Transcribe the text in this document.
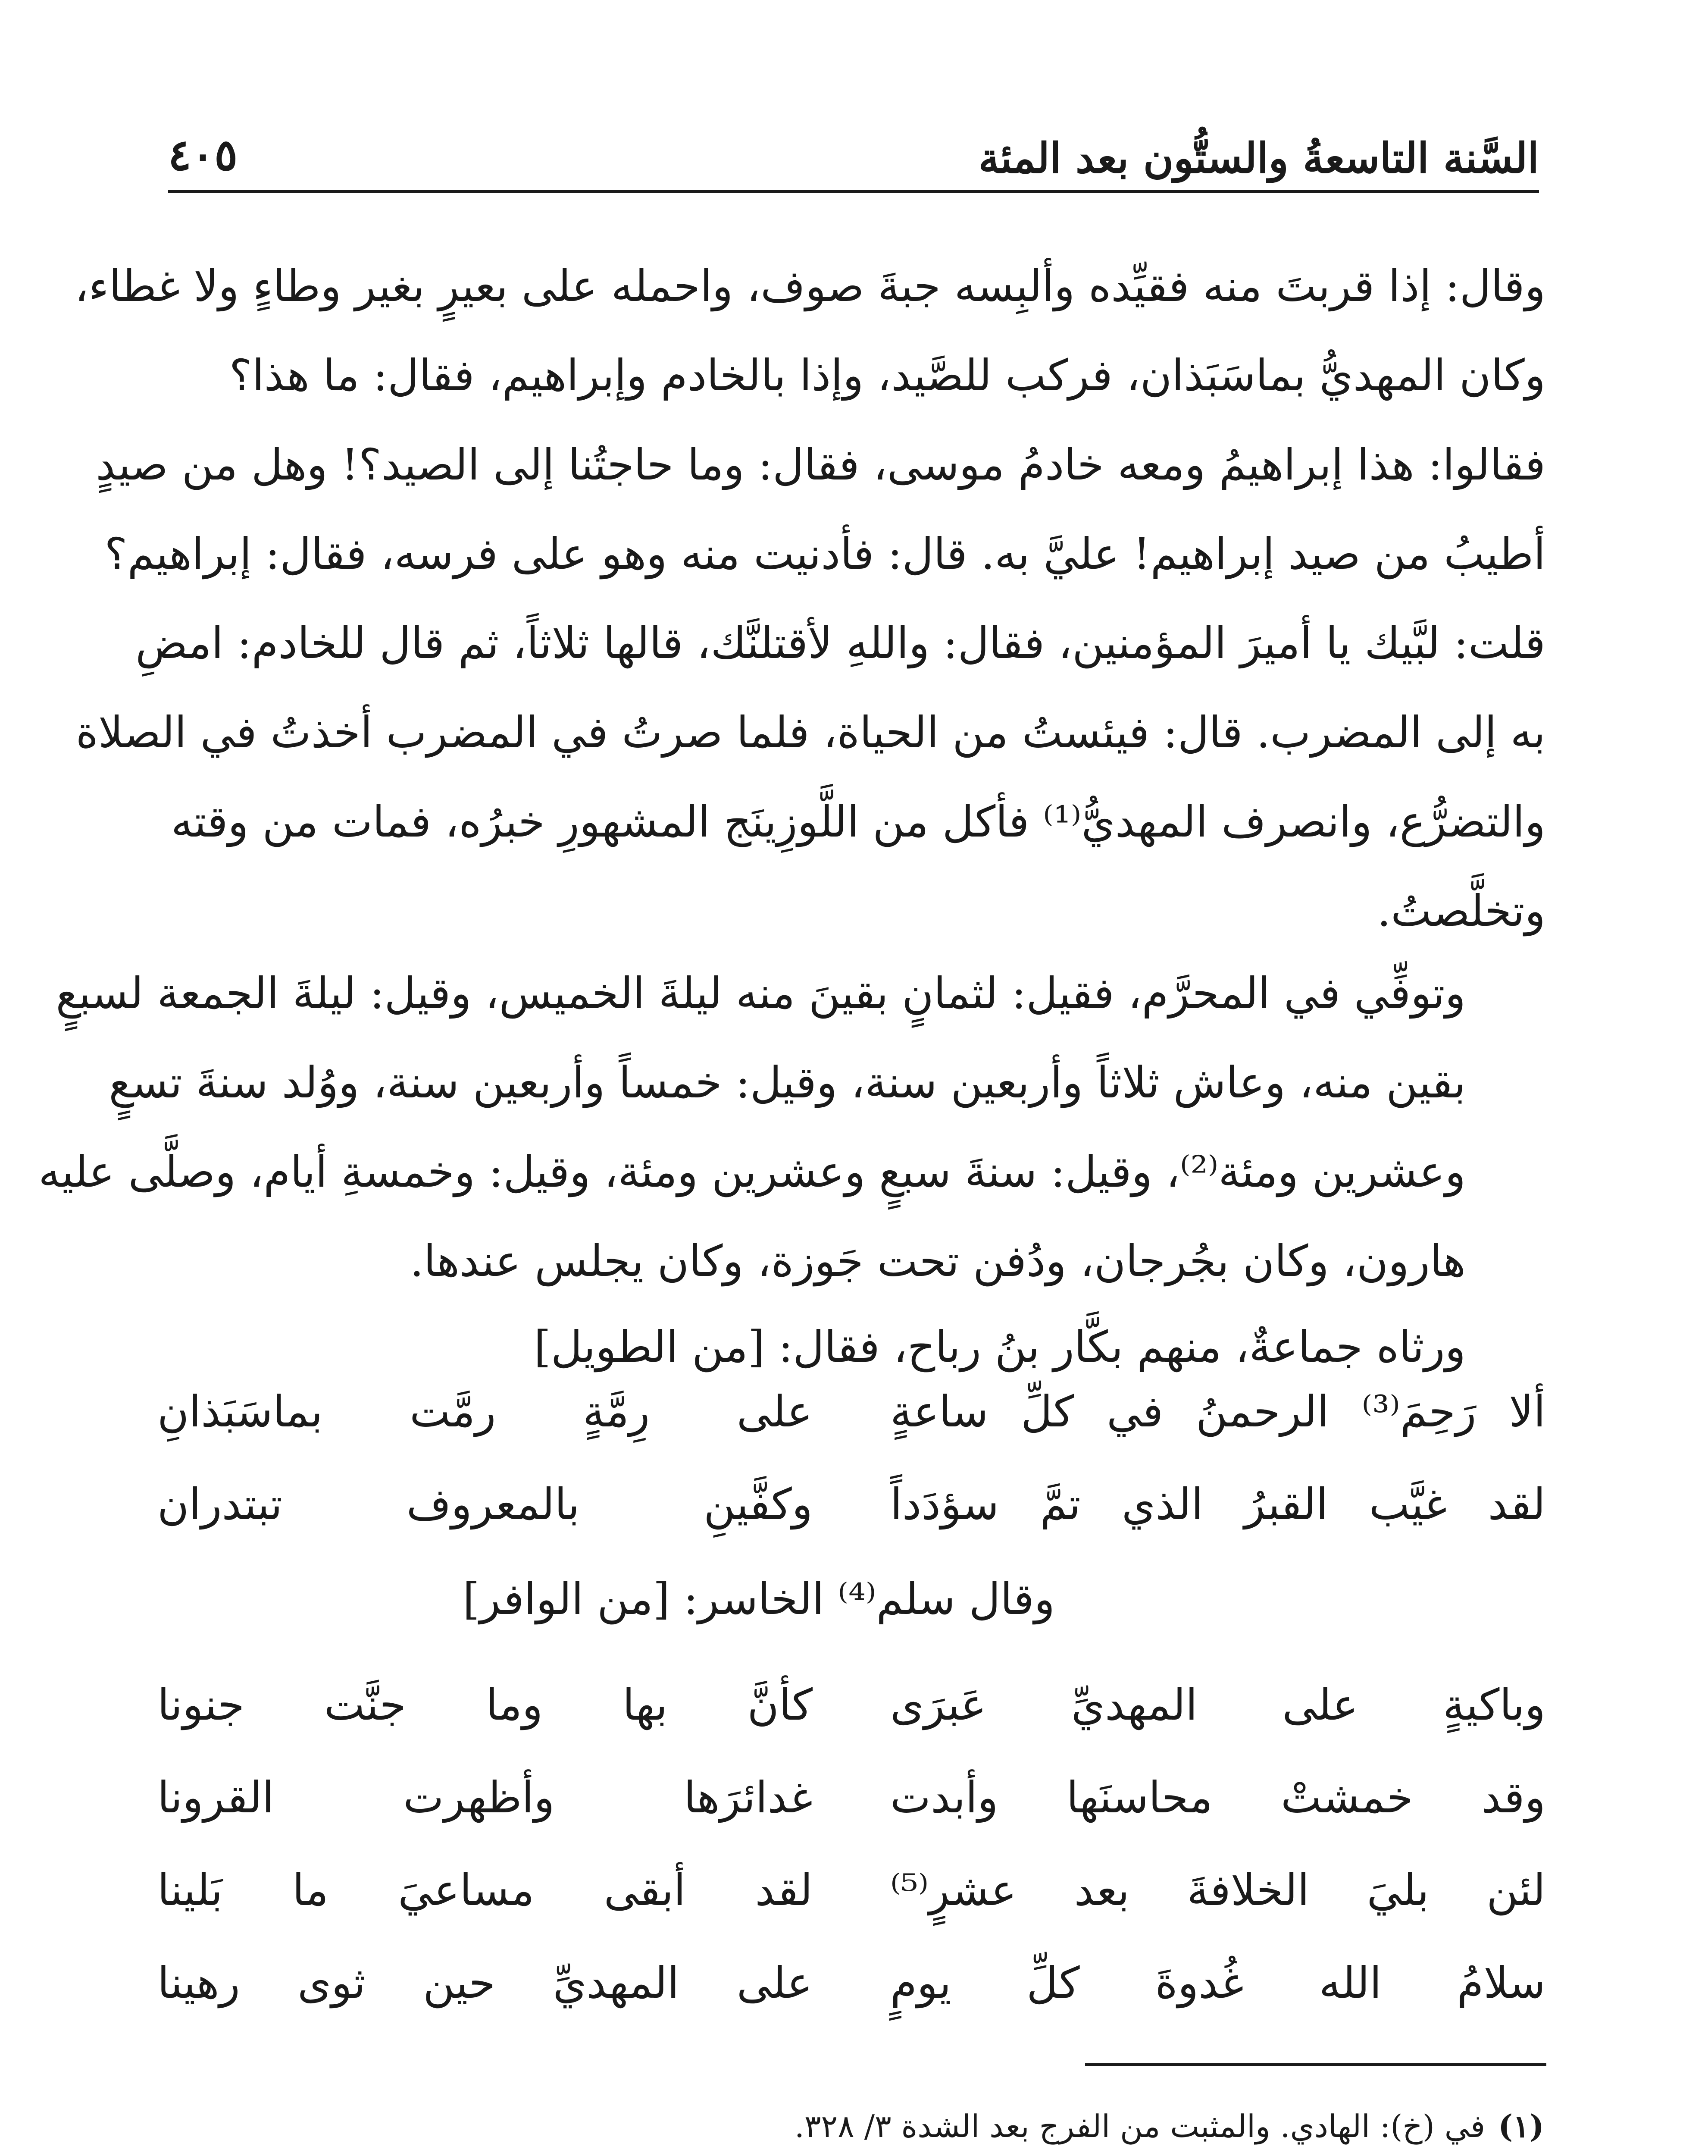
السَّنة التاسعةُ والستُّون بعد المئة
٤٠٥
وقال: إذا قربتَ منه فقيِّده وألبِسه جبةَ صوف، واحمله على بعيرٍ بغير وطاءٍ ولا غطاء،
وكان المهديُّ بماسَبَذان، فركب للصَّيد، وإذا بالخادم وإبراهيم، فقال: ما هذا؟
فقالوا: هذا إبراهيمُ ومعه خادمُ موسى، فقال: وما حاجتُنا إلى الصيد؟! وهل من صيدٍ
أطيبُ من صيد إبراهيم! عليَّ به. قال: فأدنيت منه وهو على فرسه، فقال: إبراهيم؟
قلت: لبَّيك يا أميرَ المؤمنين، فقال: واللهِ لأقتلنَّك، قالها ثلاثاً، ثم قال للخادم: امضِ
به إلى المضرب. قال: فيئستُ من الحياة، فلما صرتُ في المضرب أخذتُ في الصلاة
والتضرُّع، وانصرف المهديُّ⁽¹⁾ فأكل من اللَّوزِينَج المشهورِ خبرُه، فمات من وقته
وتخلَّصتُ.
وتوفِّي في المحرَّم، فقيل: لثمانٍ بقينَ منه ليلةَ الخميس، وقيل: ليلةَ الجمعة لسبعٍ
بقين منه، وعاش ثلاثاً وأربعين سنة، وقيل: خمساً وأربعين سنة، ووُلد سنةَ تسعٍ
وعشرين ومئة⁽²⁾، وقيل: سنةَ سبعٍ وعشرين ومئة، وقيل: وخمسةِ أيام، وصلَّى عليه
هارون، وكان بجُرجان، ودُفن تحت جَوزة، وكان يجلس عندها.
ورثاه جماعةٌ، منهم بكَّار بنُ رباح، فقال: [من الطويل]
ألا رَحِمَ⁽³⁾ الرحمنُ في كلِّ ساعةٍ
على رِمَّةٍ رمَّت بماسَبَذانِ
لقد غيَّب القبرُ الذي تمَّ سؤدَداً
وكفَّينِ بالمعروف تبتدران
وقال سلم⁽⁴⁾ الخاسر: [من الوافر]
وباكيةٍ على المهديِّ عَبرَى
كأنَّ بها وما جنَّت جنونا
وقد خمشتْ محاسنَها وأبدت
غدائرَها وأظهرت القرونا
لئن بليَ الخلافةَ بعد عشرٍ⁽⁵⁾
لقد أبقى مساعيَ ما بَلينا
سلامُ الله غُدوةَ كلِّ يومٍ
على المهديِّ حين ثوى رهينا
(١)في (خ): الهادي. والمثبت من الفرج بعد الشدة ٣/ ٣٢٨.
